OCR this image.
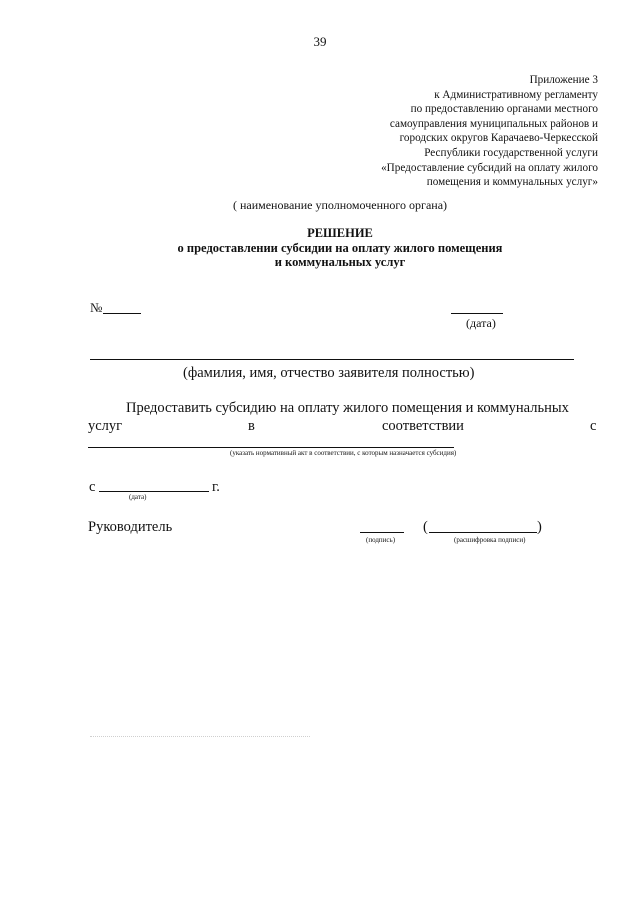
39
Приложение 3
к Административному регламенту
по предоставлению органами местного
самоуправления муниципальных районов и
городских округов Карачаево-Черкесской
Республики государственной услуги
«Предоставление субсидий на оплату жилого
помещения и коммунальных услуг»
( наименование уполномоченного органа)
РЕШЕНИЕ
о предоставлении субсидии на оплату жилого помещения
и коммунальных услуг
№
(дата)
(фамилия, имя, отчество заявителя полностью)
Предоставить субсидию на оплату жилого помещения и коммунальных
услуг	в	соответствии	с
(указать нормативный акт в соответствии, с которым назначается субсидия)
с	г.
(дата)
Руководитель	(	)
(подпись)	(расшифровка подписи)
